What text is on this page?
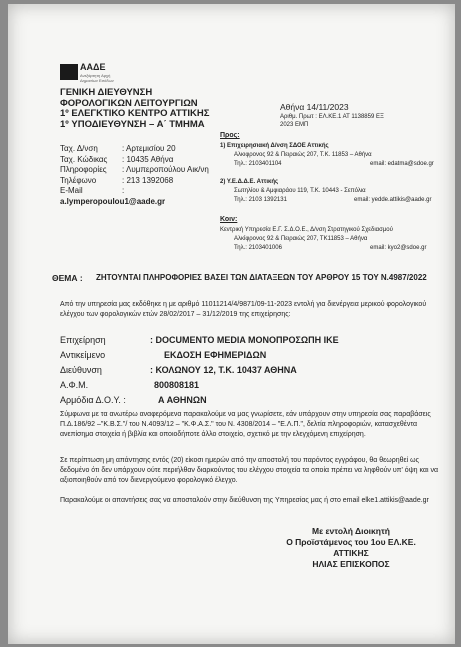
ΑΑΔΕ
Ανεξάρτητη Αρχή Δημοσίων Εσόδων
ΓΕΝΙΚΗ ΔΙΕΥΘΥΝΣΗ
ΦΟΡΟΛΟΓΙΚΩΝ ΛΕΙΤΟΥΡΓΙΩΝ
1º ΕΛΕΓΚΤΙΚΟ ΚΕΝΤΡΟ ΑΤΤΙΚΗΣ
1º ΥΠΟΔΙΕΥΘΥΝΣΗ – Α΄ ΤΜΗΜΑ
Αθήνα 14/11/2023
Αριθμ. Πρωτ : ΕΛ.ΚΕ.1 ΑΤ 1138859 ΕΞ
2023 ΕΜΠ
Ταχ. Δ/νση	: Αρτεμισίου 20
Ταχ. Κώδικας : 10435 Αθήνα
Πληροφορίες : Λυμπεροπούλου Αικ/νη
Τηλέφωνο	: 213 1392068
E-Mail	:
a.lymperopoulou1@aade.gr
Προς:
1) Επιχειρησιακή Δ/νση ΣΔΟΕ Αττικής
Αλκιφρονος 92 & Πειραιώς 207, Τ.Κ. 11853 – Αθήνα
Τηλ.: 2103401104	email: edatma@sdoe.gr
2) Υ.Ε.Δ.Δ.Ε. Αττικής
Σωτηλίου & Αμφιαράου 119, Τ.Κ. 10443 - Σεπόλια
Τηλ.: 2103 1392131	email: yedde.attikis@aade.gr
Κοιν:
Κεντρική Υπηρεσία Ε.Γ. Σ.Δ.Ο.Ε., Δ/νση Στρατηγικού Σχεδιασμού
Αλκίφρονος 92 & Πειραιώς 207, ΤΚ11853 – Αθήνα
Τηλ.: 2103401006	email: kyo2@sdoe.gr
ΘΕΜΑ : ΖΗΤΟΥΝΤΑΙ ΠΛΗΡΟΦΟΡΙΕΣ ΒΑΣΕΙ ΤΩΝ ΔΙΑΤΑΞΕΩΝ ΤΟΥ ΑΡΘΡΟΥ 15 ΤΟΥ Ν.4987/2022
Από την υπηρεσία μας εκδόθηκε η με αριθμό 11011214/4/9871/09-11-2023 εντολή για διενέργεια μερικού φορολογικού ελέγχου των φορολογικών ετών 28/02/2017 – 31/12/2019 της επιχείρησης:
Επιχείρηση	: DOCUMENTO MEDIA ΜΟΝΟΠΡΟΣΩΠΗ ΙΚΕ
Αντικείμενο	ΕΚΔΟΣΗ ΕΦΗΜΕΡΙΔΩΝ
Διεύθυνση	: ΚΟΛΩΝΟΥ 12, Τ.Κ. 10437 ΑΘΗΝΑ
Α.Φ.Μ.	800808181
Αρμόδια Δ.Ο.Υ. :	Α ΑΘΗΝΩΝ
Σύμφωνα με τα ανωτέρω αναφερόμενα παρακαλούμε να μας γνωρίσετε, εάν υπάρχουν στην υπηρεσία σας παραβάσεις Π.Δ.186/92 –"Κ.Β.Σ."/ του Ν.4093/12 – "Κ.Φ.Α.Σ." του Ν. 4308/2014 – "Ε.Λ.Π.", δελτία πληροφοριών, κατασχεθέντα ανεπίσημα στοιχεία ή βιβλία και οποιοδήποτε άλλο στοιχείο, σχετικό με την ελεγχόμενη επιχείρηση.
Σε περίπτωση μη απάντησης εντός (20) είκοσι ημερών από την αποστολή του παρόντος εγγράφου, θα θεωρηθεί ως δεδομένο ότι δεν υπάρχουν ούτε περιήλθαν διαρκούντος του ελέγχου στοιχεία τα οποία πρέπει να ληφθούν υπ' όψη και να αξιοποιηθούν από τον διενεργούμενο φορολογικό έλεγχο.
Παρακαλούμε οι απαντήσεις σας να αποσταλούν στην διεύθυνση της Υπηρεσίας μας ή στο email elke1.attikis@aade.gr
Με εντολή Διοικητή
Ο Προϊστάμενος του 1ου ΕΛ.ΚΕ.
ΑΤΤΙΚΗΣ
ΗΛΙΑΣ ΕΠΙΣΚΟΠΟΣ
